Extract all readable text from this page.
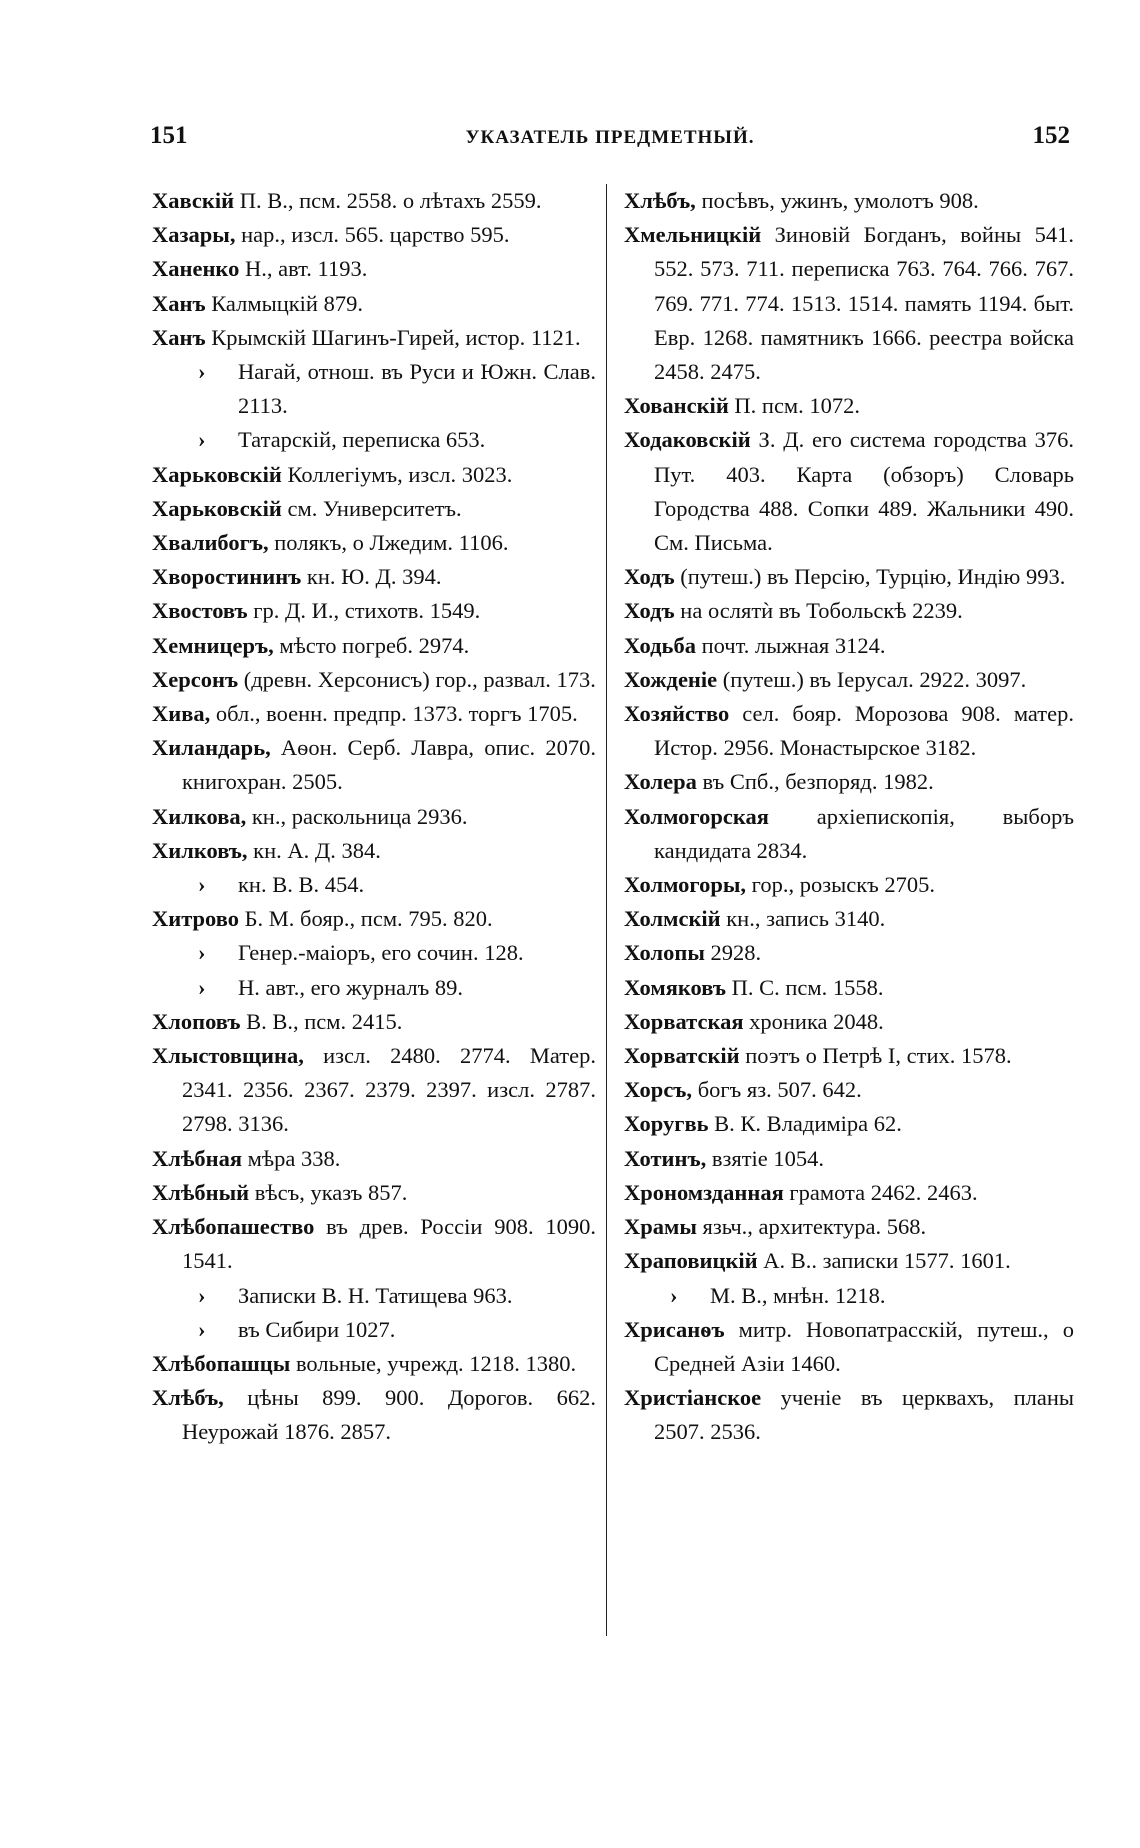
151	УКАЗАТЕЛЬ ПРЕДМЕТНЫЙ.	152

Хавскій П. В., псм. 2558. о лѣтахъ 2559.

Хазары, нар., изсл. 565. царство 595.

Ханенко Н., авт. 1193.

Ханъ Калмыцкій 879.

Ханъ Крымскій Шагинъ-Гирей, истор. 1121.

› Нагай, отнош. въ Руси и Южн. Слав. 2113.

› Татарскій, переписка 653.

Харьковскій Коллегіумъ, изсл. 3023.

Харьковскій см. Университетъ.

Хвалибогъ, полякъ, о Лжедим. 1106.

Хворостининъ кн. Ю. Д. 394.

Хвостовъ гр. Д. И., стихотв. 1549.

Хемницеръ, мѣсто погреб. 2974.

Херсонъ (древн. Херсонисъ) гор., развал. 173.

Хива, обл., военн. предпр. 1373. торгъ 1705.

Хиландарь, Аѳон. Серб. Лавра, опис. 2070. книгохран. 2505.

Хилкова, кн., раскольница 2936.

Хилковъ, кн. А. Д. 384.

› кн. В. В. 454.

Хитрово Б. М. бояр., псм. 795. 820.

› Генер.-маіоръ, его сочин. 128.

› Н. авт., его журналъ 89.

Хлоповъ В. В., псм. 2415.

Хлыстовщина, изсл. 2480. 2774. Матер. 2341. 2356. 2367. 2379. 2397. изсл. 2787. 2798. 3136.

Хлѣбная мѣра 338.

Хлѣбный вѣсъ, указъ 857.

Хлѣбопашество въ древ. Россіи 908. 1090. 1541.

› Записки В. Н. Татищева 963.

› въ Сибири 1027.

Хлѣбопашцы вольные, учрежд. 1218. 1380.

Хлѣбъ, цѣны 899. 900. Дорогов. 662. Неурожай 1876. 2857.

Хлѣбъ, посѣвъ, ужинъ, умолотъ 908.

Хмельницкій Зиновій Богданъ, войны 541. 552. 573. 711. переписка 763. 764. 766. 767. 769. 771. 774. 1513. 1514. память 1194. быт. Евр. 1268. памятникъ 1666. реестра войска 2458. 2475.

Хованскій П. псм. 1072.

Ходаковскій З. Д. его система городства 376. Пут. 403. Карта (обзоръ) Словарь Городства 488. Сопки 489. Жальники 490. См. Письма.

Ходъ (путеш.) въ Персію, Турцію, Индію 993.

Ходъ на ослятѝ въ Тобольскѣ 2239.

Ходьба почт. лыжная 3124.

Хожденіе (путеш.) въ Іерусал. 2922. 3097.

Хозяйство сел. бояр. Морозова 908. матер. Истор. 2956. Монастырское 3182.

Холера въ Спб., безпоряд. 1982.

Холмогорская архіепископія, выборъ кандидата 2834.

Холмогоры, гор., розыскъ 2705.

Холмскій кн., запись 3140.

Холопы 2928.

Хомяковъ П. С. псм. 1558.

Хорватская хроника 2048.

Хорватскій поэтъ о Петрѣ I, стих. 1578.

Хорсъ, богъ яз. 507. 642.

Хоругвь В. К. Владиміра 62.

Хотинъ, взятіе 1054.

Хрономзданная грамота 2462. 2463.

Храмы язьч., архитектура. 568.

Храповицкій А. В.. записки 1577. 1601.

› М. В., мнѣн. 1218.

Хрисанѳъ митр. Новопатрасскій, путеш., о Средней Азіи 1460.

Христіанское ученіе въ церквахъ, планы 2507. 2536.
